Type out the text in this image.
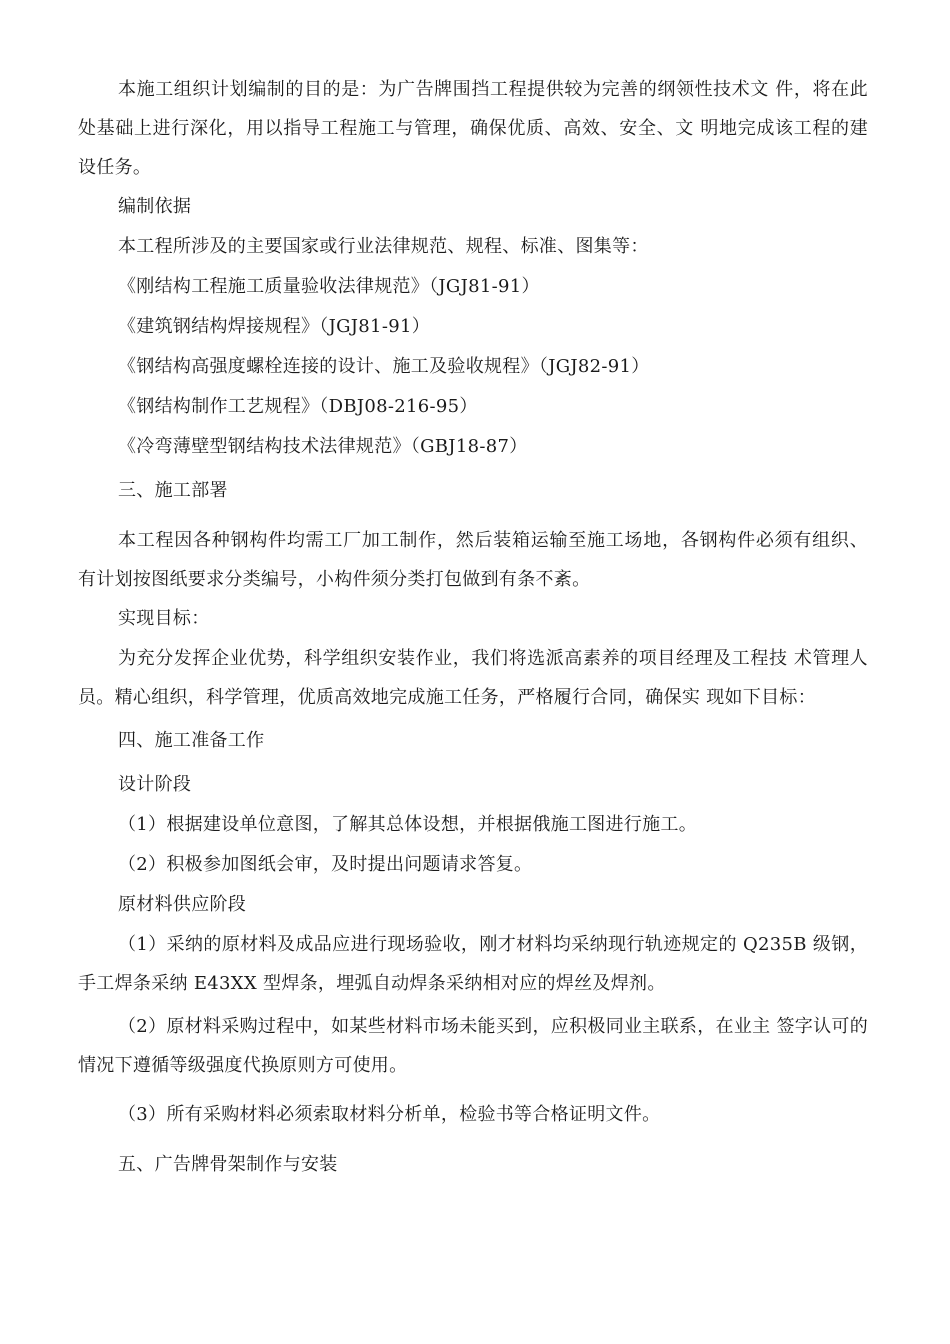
本施工组织计划编制的目的是：为广告牌围挡工程提供较为完善的纲领性技术文 件，将在此处基础上进行深化，用以指导工程施工与管理，确保优质、高效、安全、文 明地完成该工程的建设任务。

编制依据

本工程所涉及的主要国家或行业法律规范、规程、标准、图集等：

《刚结构工程施工质量验收法律规范》（JGJ81-91）

《建筑钢结构焊接规程》（JGJ81-91）

《钢结构高强度螺栓连接的设计、施工及验收规程》（JGJ82-91）

《钢结构制作工艺规程》（DBJ08-216-95）

《冷弯薄壁型钢结构技术法律规范》（GBJ18-87）

三、施工部署

本工程因各种钢构件均需工厂加工制作，然后装箱运输至施工场地，各钢构件必须有组织、有计划按图纸要求分类编号，小构件须分类打包做到有条不紊。

实现目标：

为充分发挥企业优势，科学组织安装作业，我们将选派高素养的项目经理及工程技 术管理人员。精心组织，科学管理，优质高效地完成施工任务，严格履行合同，确保实 现如下目标：

四、施工准备工作

设计阶段

（1）根据建设单位意图，了解其总体设想，并根据俄施工图进行施工。

（2）积极参加图纸会审，及时提出问题请求答复。

原材料供应阶段

（1）采纳的原材料及成品应进行现场验收，刚才材料均采纳现行轨迹规定的 Q235B 级钢，手工焊条采纳 E43XX 型焊条，埋弧自动焊条采纳相对应的焊丝及焊剂。

（2）原材料采购过程中，如某些材料市场未能买到，应积极同业主联系，在业主 签字认可的情况下遵循等级强度代换原则方可使用。

（3）所有采购材料必须索取材料分析单，检验书等合格证明文件。

五、广告牌骨架制作与安装
